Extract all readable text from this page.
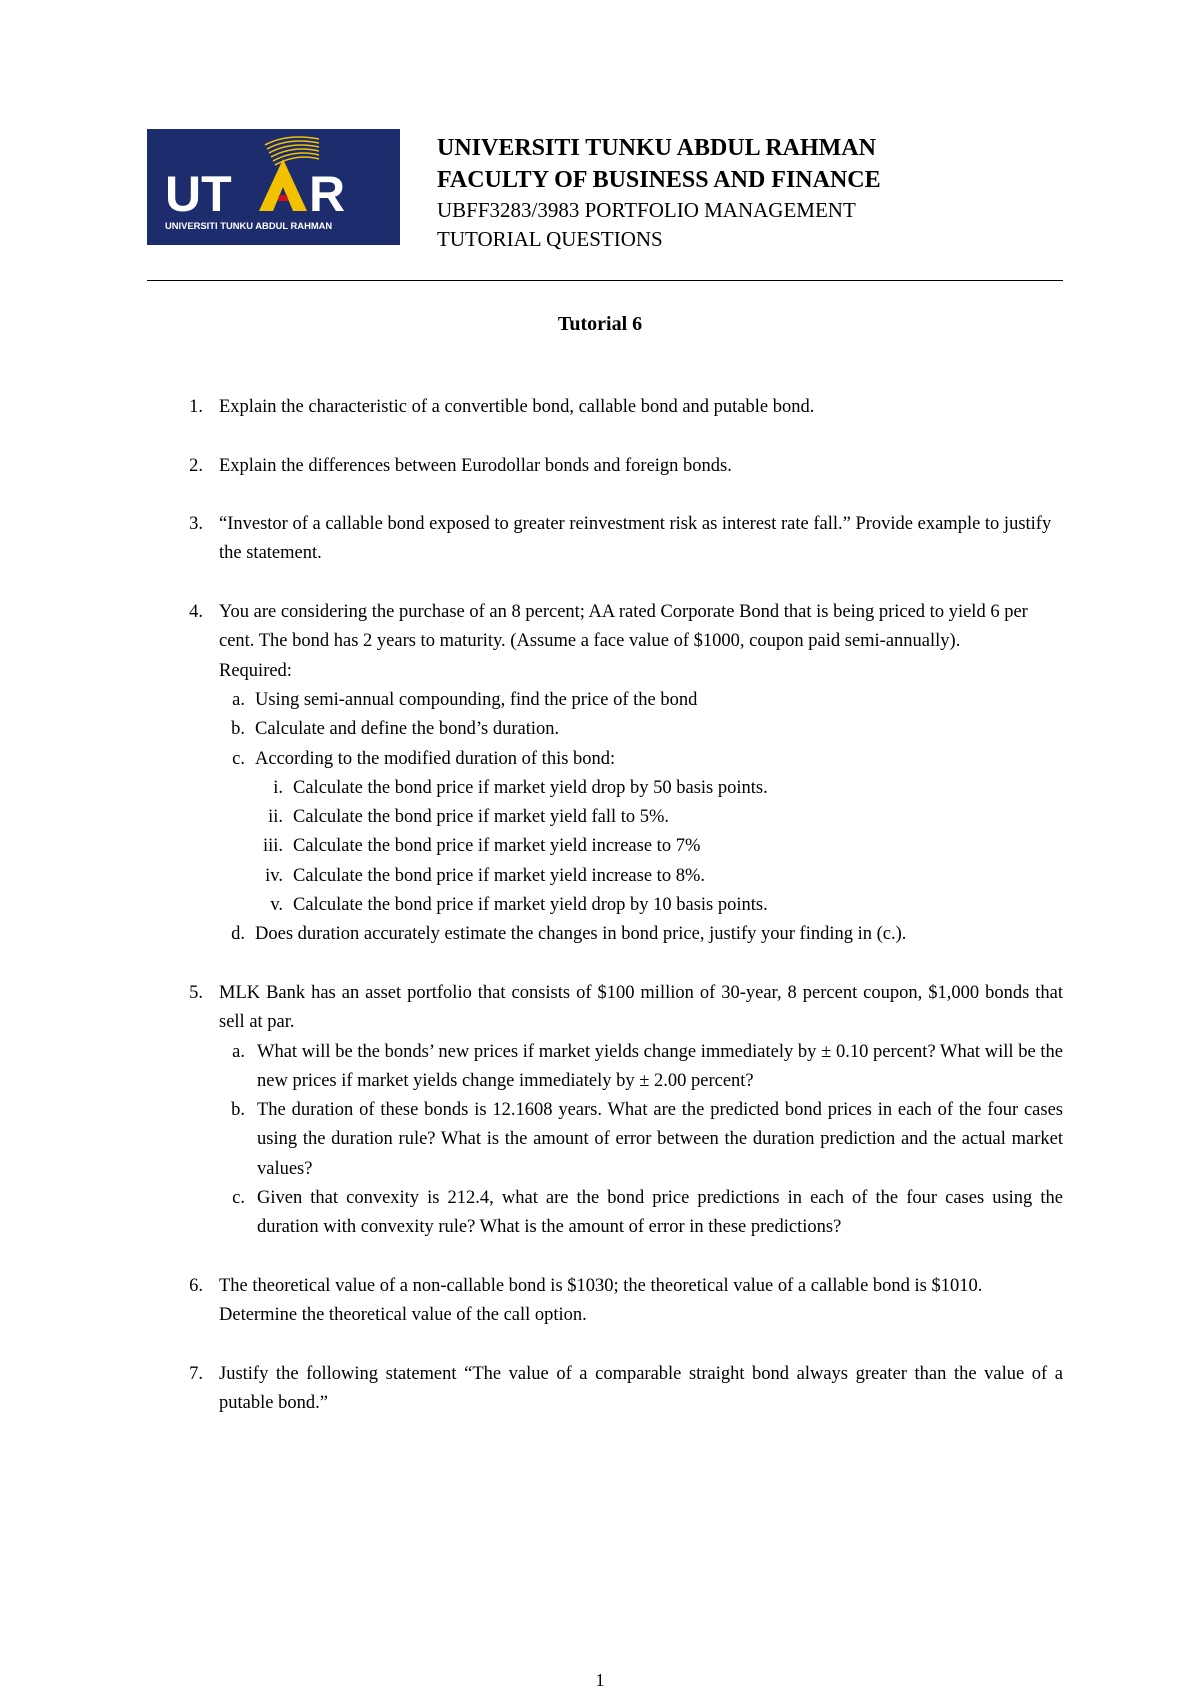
UT R
UNIVERSITI TUNKU ABDUL RAHMAN
UNIVERSITI TUNKU ABDUL RAHMAN
FACULTY OF BUSINESS AND FINANCE
UBFF3283/3983 PORTFOLIO MANAGEMENT
TUTORIAL QUESTIONS
Tutorial 6
1 . Explain the characteristic of a convertible bond, callable bond and putable bond.
2 . Explain the differences between Eurodollar bonds and foreign bonds.
3 . “Investor of a callable bond exposed to greater reinvestment risk as interest rate fall.” Provide example to justify the statement.
4 . You are considering the purchase of an 8 percent; AA rated Corporate Bond that is being priced to yield 6 per cent. The bond has 2 years to maturity. (Assume a face value of $1000, coupon paid semi-annually).
Required:
a . Using semi-annual compounding, find the price of the bond
b . Calculate and define the bond’s duration.
c . According to the modified duration of this bond:
i . Calculate the bond price if market yield drop by 50 basis points.
ii . Calculate the bond price if market yield fall to 5%.
iii . Calculate the bond price if market yield increase to 7%
iv . Calculate the bond price if market yield increase to 8%.
v . Calculate the bond price if market yield drop by 10 basis points.
d . Does duration accurately estimate the changes in bond price, justify your finding in (c.).
5 . MLK Bank has an asset portfolio that consists of $100 million of 30-year, 8 percent coupon, $1,000 bonds that sell at par.
a . What will be the bonds’ new prices if market yields change immediately by ± 0.10 percent? What will be the new prices if market yields change immediately by ± 2.00 percent?
b . The duration of these bonds is 12.1608 years. What are the predicted bond prices in each of the four cases using the duration rule? What is the amount of error between the duration prediction and the actual market values?
c . Given that convexity is 212.4, what are the bond price predictions in each of the four cases using the duration with convexity rule? What is the amount of error in these predictions?
6 . The theoretical value of a non-callable bond is $1030; the theoretical value of a callable bond is $1010. Determine the theoretical value of the call option.
7 . Justify the following statement “The value of a comparable straight bond always greater than the value of a putable bond.”
1
